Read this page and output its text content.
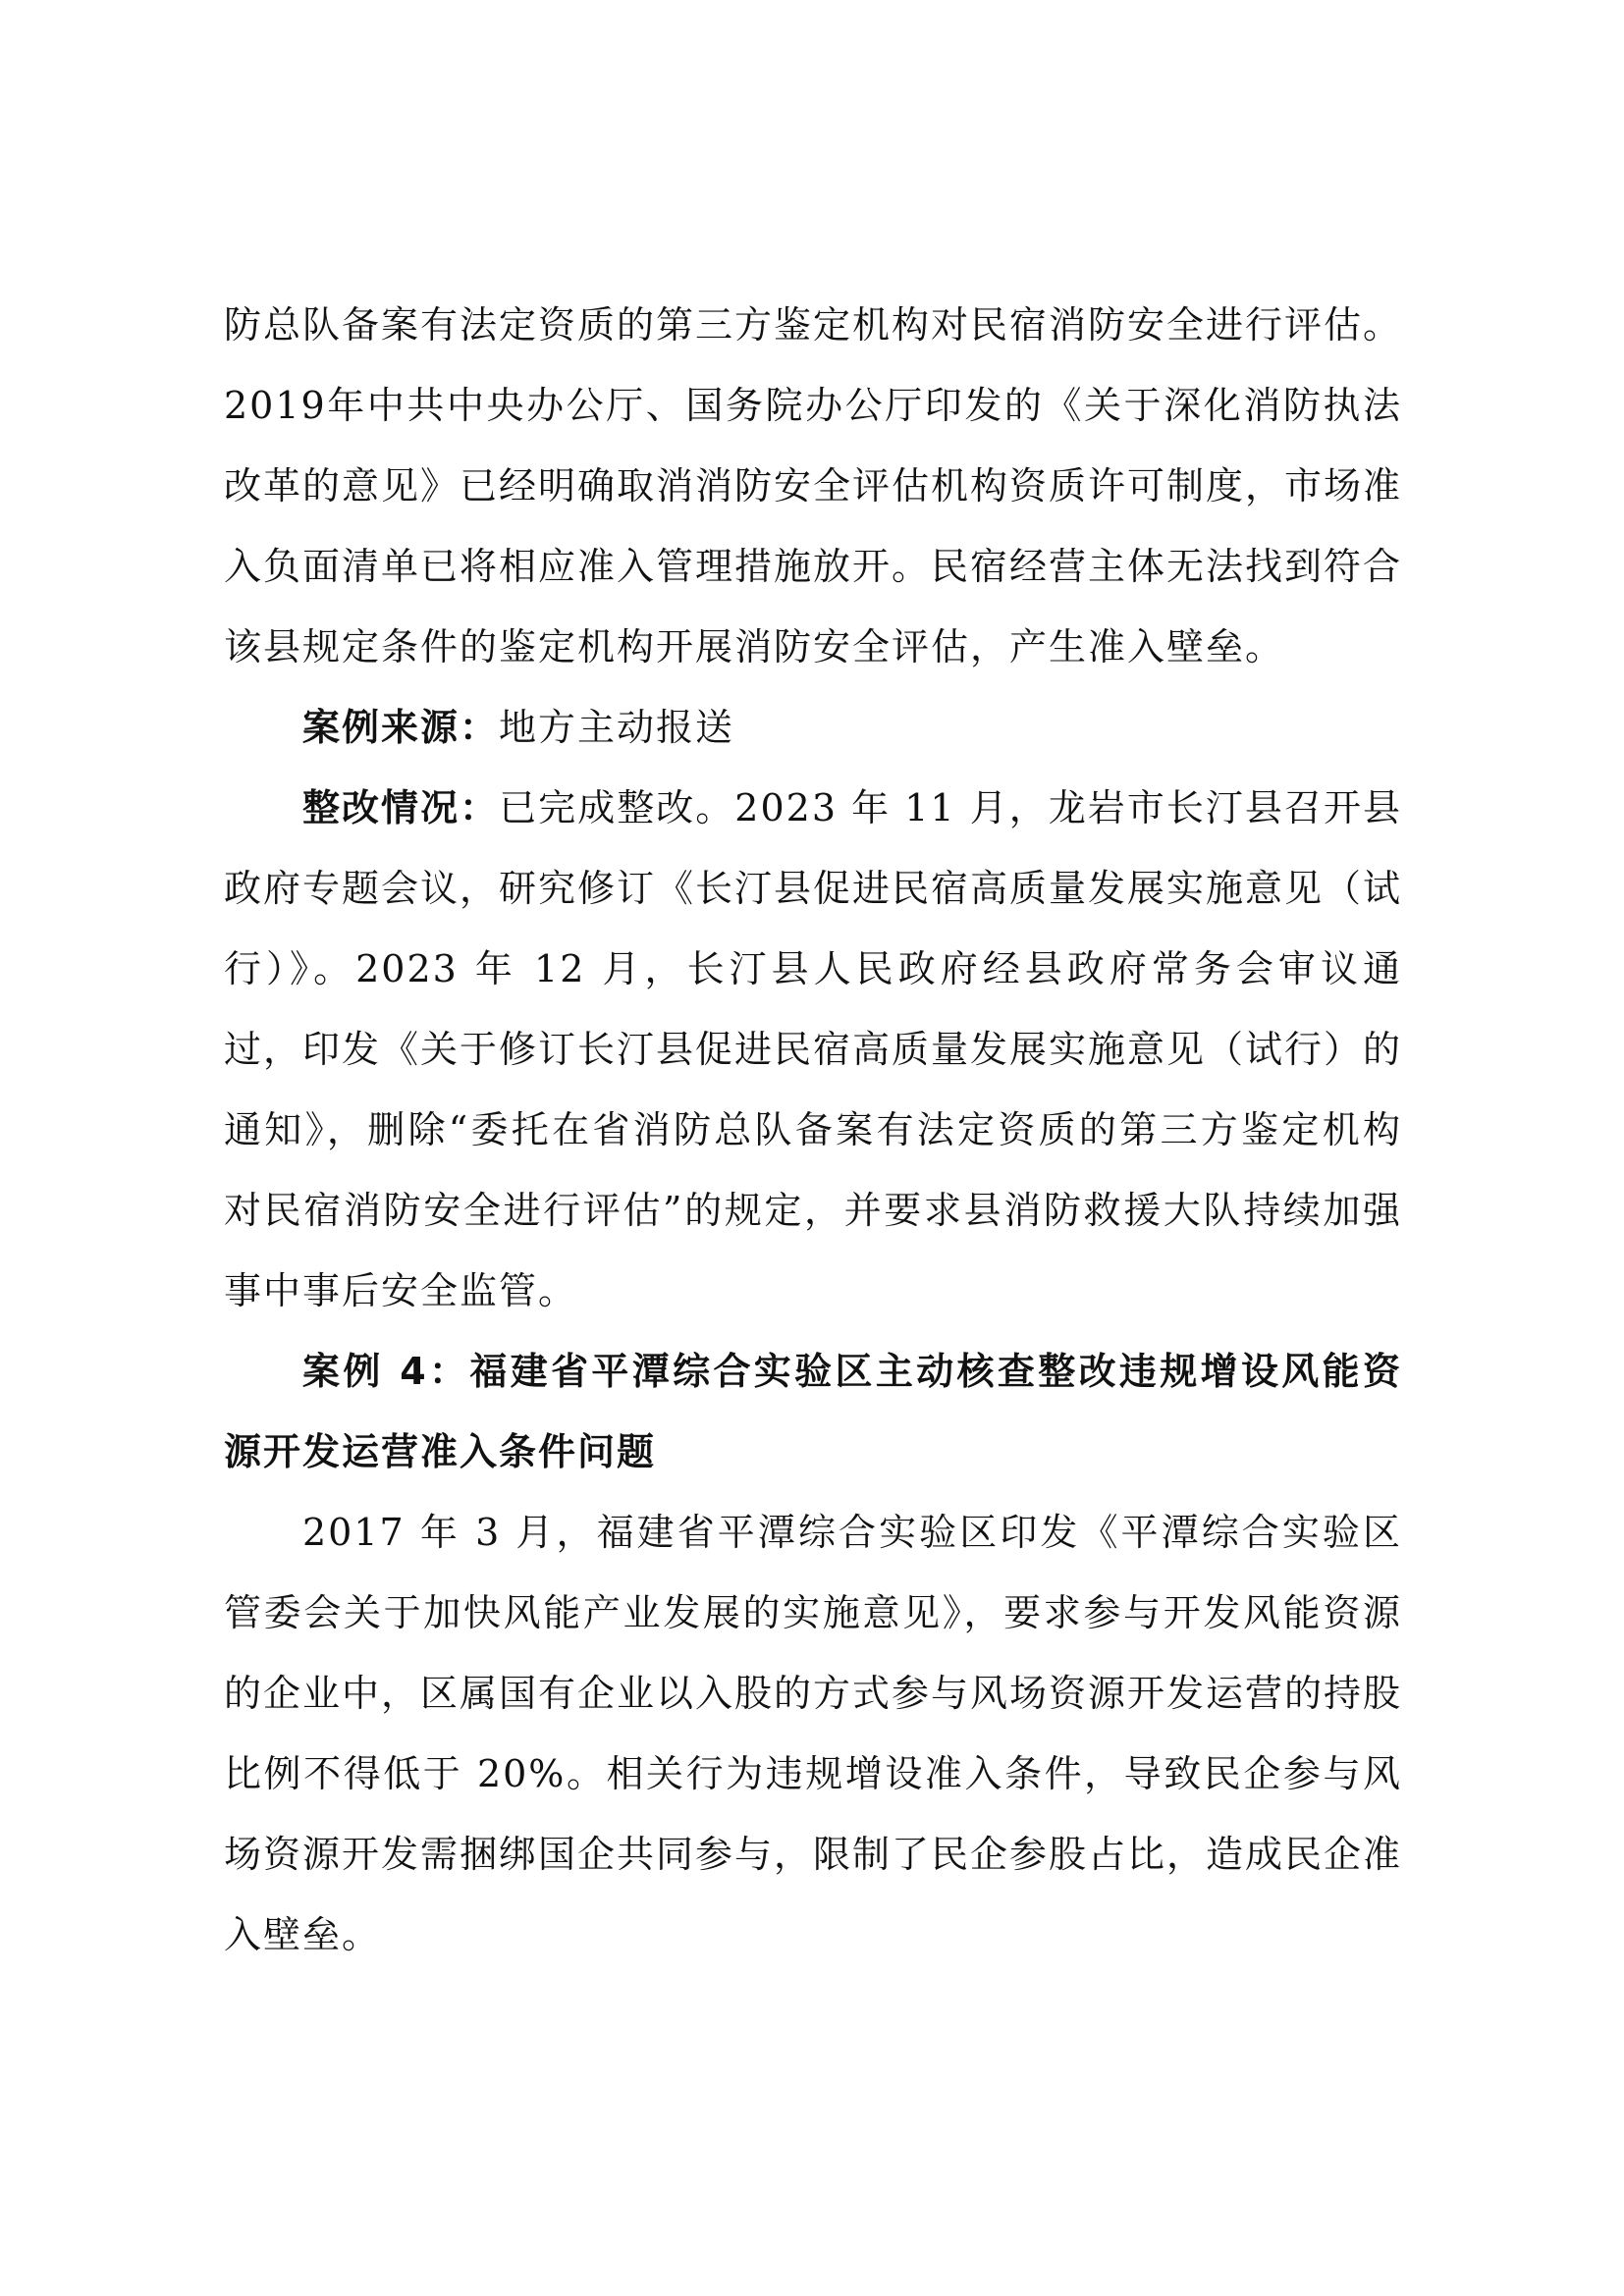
防总队备案有法定资质的第三方鉴定机构对民宿消防安全进行评估。2019年中共中央办公厅、国务院办公厅印发的《关于深化消防执法改革的意见》已经明确取消消防安全评估机构资质许可制度，市场准入负面清单已将相应准入管理措施放开。民宿经营主体无法找到符合该县规定条件的鉴定机构开展消防安全评估，产生准入壁垒。

案例来源：地方主动报送

整改情况：已完成整改。2023 年 11 月，龙岩市长汀县召开县政府专题会议，研究修订《长汀县促进民宿高质量发展实施意见（试行）》。2023 年 12 月，长汀县人民政府经县政府常务会审议通过，印发《关于修订长汀县促进民宿高质量发展实施意见（试行）的通知》，删除“委托在省消防总队备案有法定资质的第三方鉴定机构对民宿消防安全进行评估”的规定，并要求县消防救援大队持续加强事中事后安全监管。

案例 4：福建省平潭综合实验区主动核查整改违规增设风能资源开发运营准入条件问题

2017 年 3 月，福建省平潭综合实验区印发《平潭综合实验区管委会关于加快风能产业发展的实施意见》，要求参与开发风能资源的企业中，区属国有企业以入股的方式参与风场资源开发运营的持股比例不得低于 20%。相关行为违规增设准入条件，导致民企参与风场资源开发需捆绑国企共同参与，限制了民企参股占比，造成民企准入壁垒。
